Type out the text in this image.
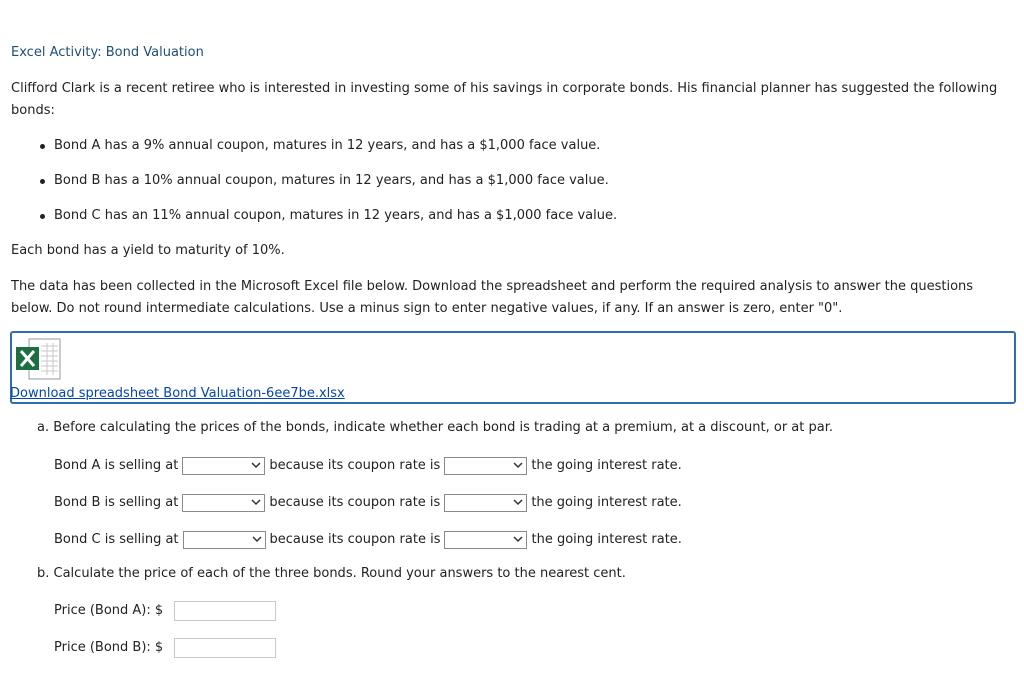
Excel Activity: Bond Valuation
Clifford Clark is a recent retiree who is interested in investing some of his savings in corporate bonds. His financial planner has suggested the following bonds:
Bond A has a 9% annual coupon, matures in 12 years, and has a $1,000 face value.
Bond B has a 10% annual coupon, matures in 12 years, and has a $1,000 face value.
Bond C has an 11% annual coupon, matures in 12 years, and has a $1,000 face value.
Each bond has a yield to maturity of 10%.
The data has been collected in the Microsoft Excel file below. Download the spreadsheet and perform the required analysis to answer the questions below. Do not round intermediate calculations. Use a minus sign to enter negative values, if any. If an answer is zero, enter "0".
Download spreadsheet Bond Valuation-6ee7be.xlsx
a. Before calculating the prices of the bonds, indicate whether each bond is trading at a premium, at a discount, or at par.
Bond A is selling at	because its coupon rate is	the going interest rate.
Bond B is selling at	because its coupon rate is	the going interest rate.
Bond C is selling at	because its coupon rate is	the going interest rate.
b. Calculate the price of each of the three bonds. Round your answers to the nearest cent.
Price (Bond A): $
Price (Bond B): $
